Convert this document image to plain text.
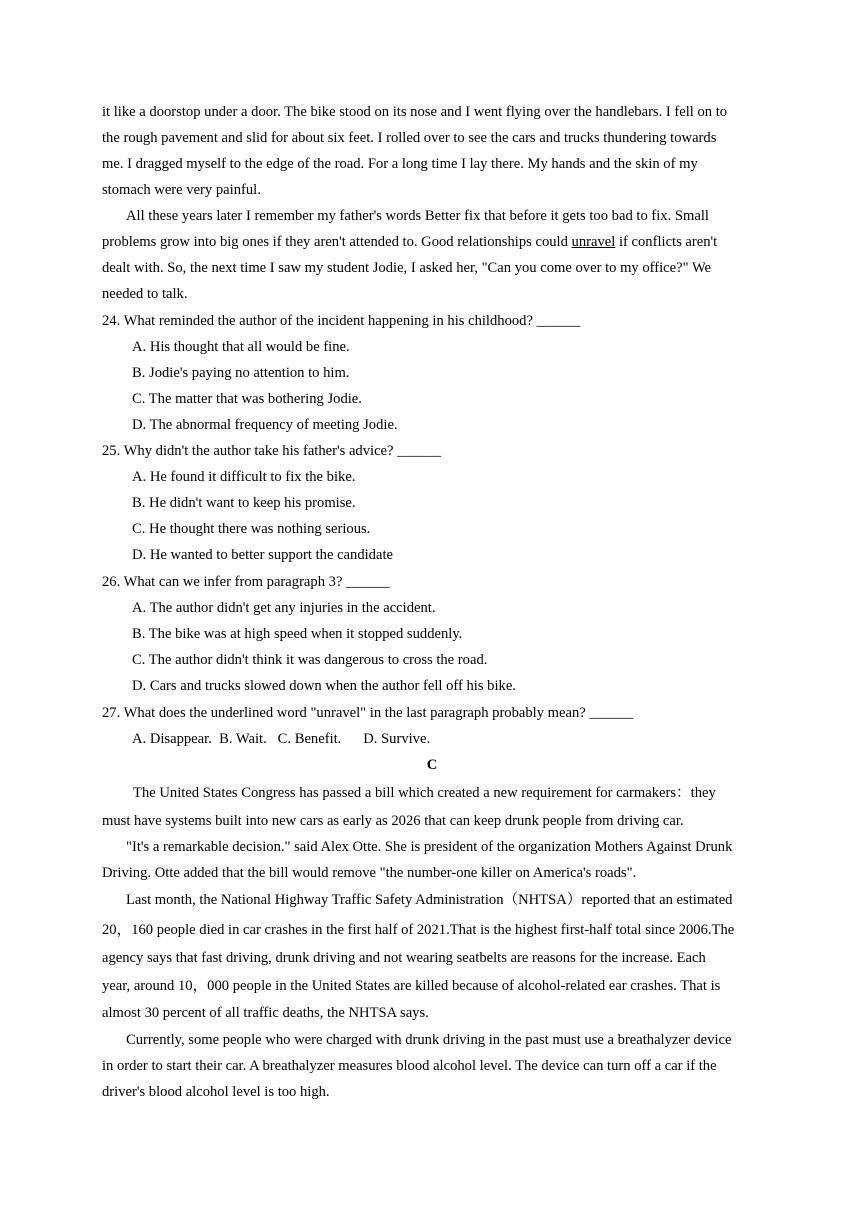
it like a doorstop under a door. The bike stood on its nose and I went flying over the handlebars. I fell on to
the rough pavement and slid for about six feet. I rolled over to see the cars and trucks thundering towards
me. I dragged myself to the edge of the road. For a long time I lay there. My hands and the skin of my
stomach were very painful.
All these years later I remember my father's words Better fix that before it gets too bad to fix. Small
problems grow into big ones if they aren't attended to. Good relationships could unravel if conflicts aren't
dealt with. So, the next time I saw my student Jodie, I asked her, "Can you come over to my office?" We
needed to talk.
24. What reminded the author of the incident happening in his childhood? ______
A. His thought that all would be fine.
B. Jodie's paying no attention to him.
C. The matter that was bothering Jodie.
D. The abnormal frequency of meeting Jodie.
25. Why didn't the author take his father's advice? ______
A. He found it difficult to fix the bike.
B. He didn't want to keep his promise.
C. He thought there was nothing serious.
D. He wanted to better support the candidate
26. What can we infer from paragraph 3? ______
A. The author didn't get any injuries in the accident.
B. The bike was at high speed when it stopped suddenly.
C. The author didn't think it was dangerous to cross the road.
D. Cars and trucks slowed down when the author fell off his bike.
27. What does the underlined word "unravel" in the last paragraph probably mean? ______
A. Disappear.  B. Wait.   C. Benefit.      D. Survive.
C
The United States Congress has passed a bill which created a new requirement for carmakers：they
must have systems built into new cars as early as 2026 that can keep drunk people from driving car.
"It's a remarkable decision." said Alex Otte. She is president of the organization Mothers Against Drunk
Driving. Otte added that the bill would remove "the number-one killer on America's roads".
Last month, the National Highway Traffic Safety Administration（NHTSA）reported that an estimated
20，160 people died in car crashes in the first half of 2021.That is the highest first-half total since 2006.The
agency says that fast driving, drunk driving and not wearing seatbelts are reasons for the increase. Each
year, around 10，000 people in the United States are killed because of alcohol-related ear crashes. That is
almost 30 percent of all traffic deaths, the NHTSA says.
Currently, some people who were charged with drunk driving in the past must use a breathalyzer device
in order to start their car. A breathalyzer measures blood alcohol level. The device can turn off a car if the
driver's blood alcohol level is too high.
